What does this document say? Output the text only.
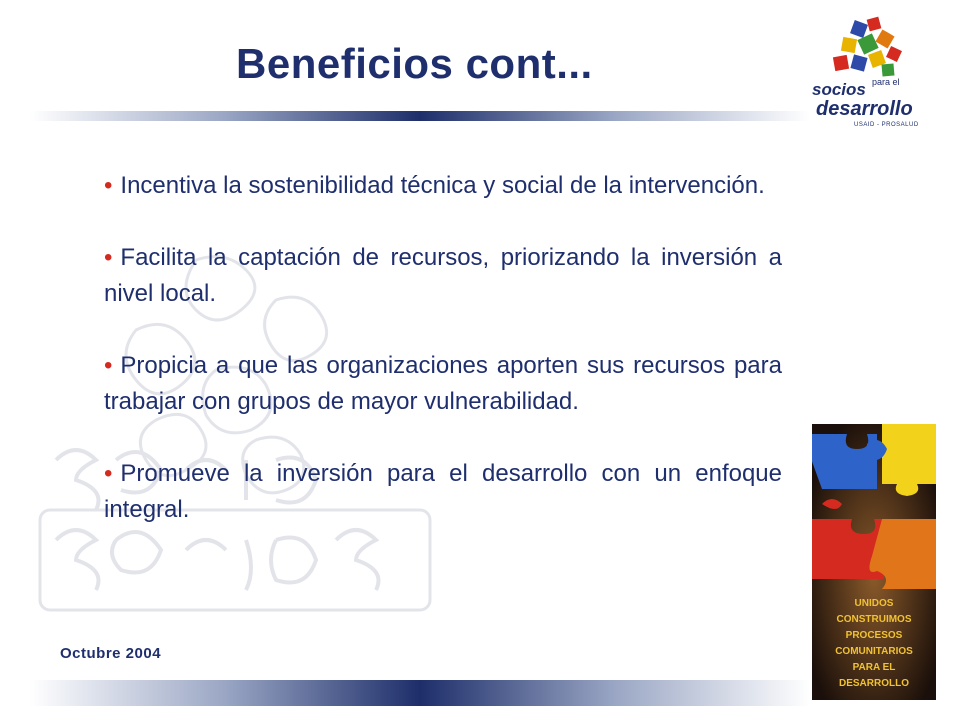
Beneficios cont...
• Incentiva la sostenibilidad técnica y social de la intervención.
• Facilita la captación de recursos, priorizando la inversión a nivel local.
• Propicia a que las organizaciones aporten sus recursos para trabajar con grupos de mayor vulnerabilidad.
• Promueve la inversión para el desarrollo con un enfoque integral.
Octubre 2004
socios para el
desarrollo
USAID - PROSALUD
UNIDOS
CONSTRUIMOS
PROCESOS
COMUNITARIOS
PARA EL
DESARROLLO
